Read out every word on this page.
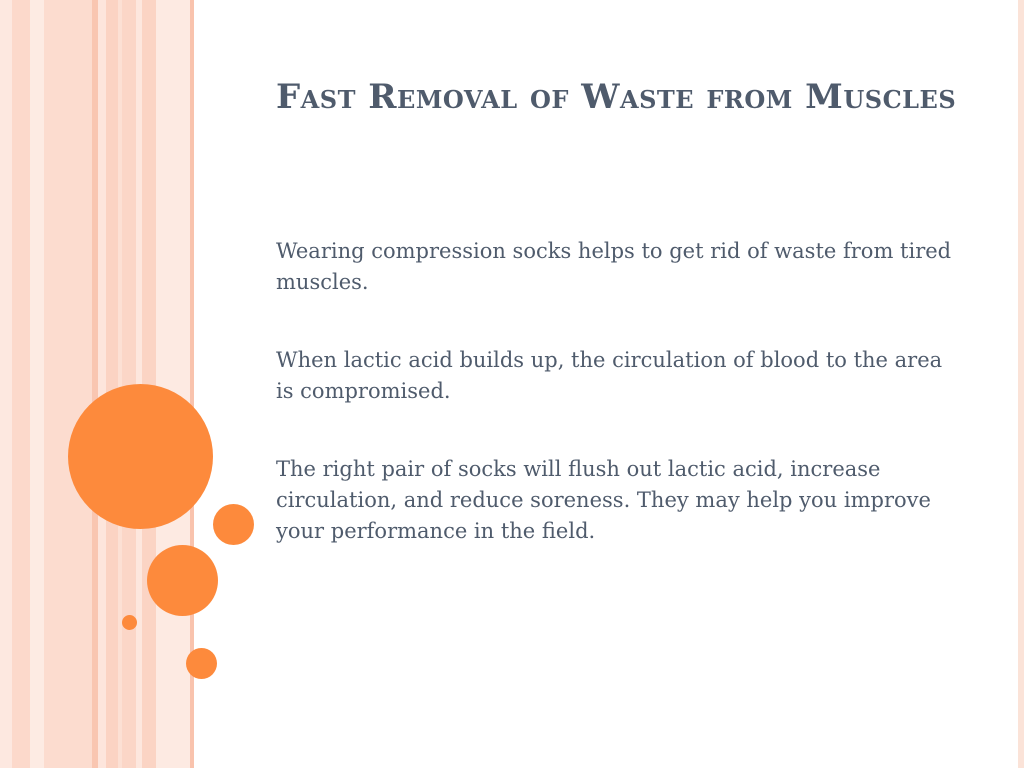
Fast Removal of Waste from Muscles

Wearing compression socks helps to get rid of waste from tired muscles.

When lactic acid builds up, the circulation of blood to the area is compromised.

The right pair of socks will flush out lactic acid, increase circulation, and reduce soreness. They may help you improve your performance in the field.
